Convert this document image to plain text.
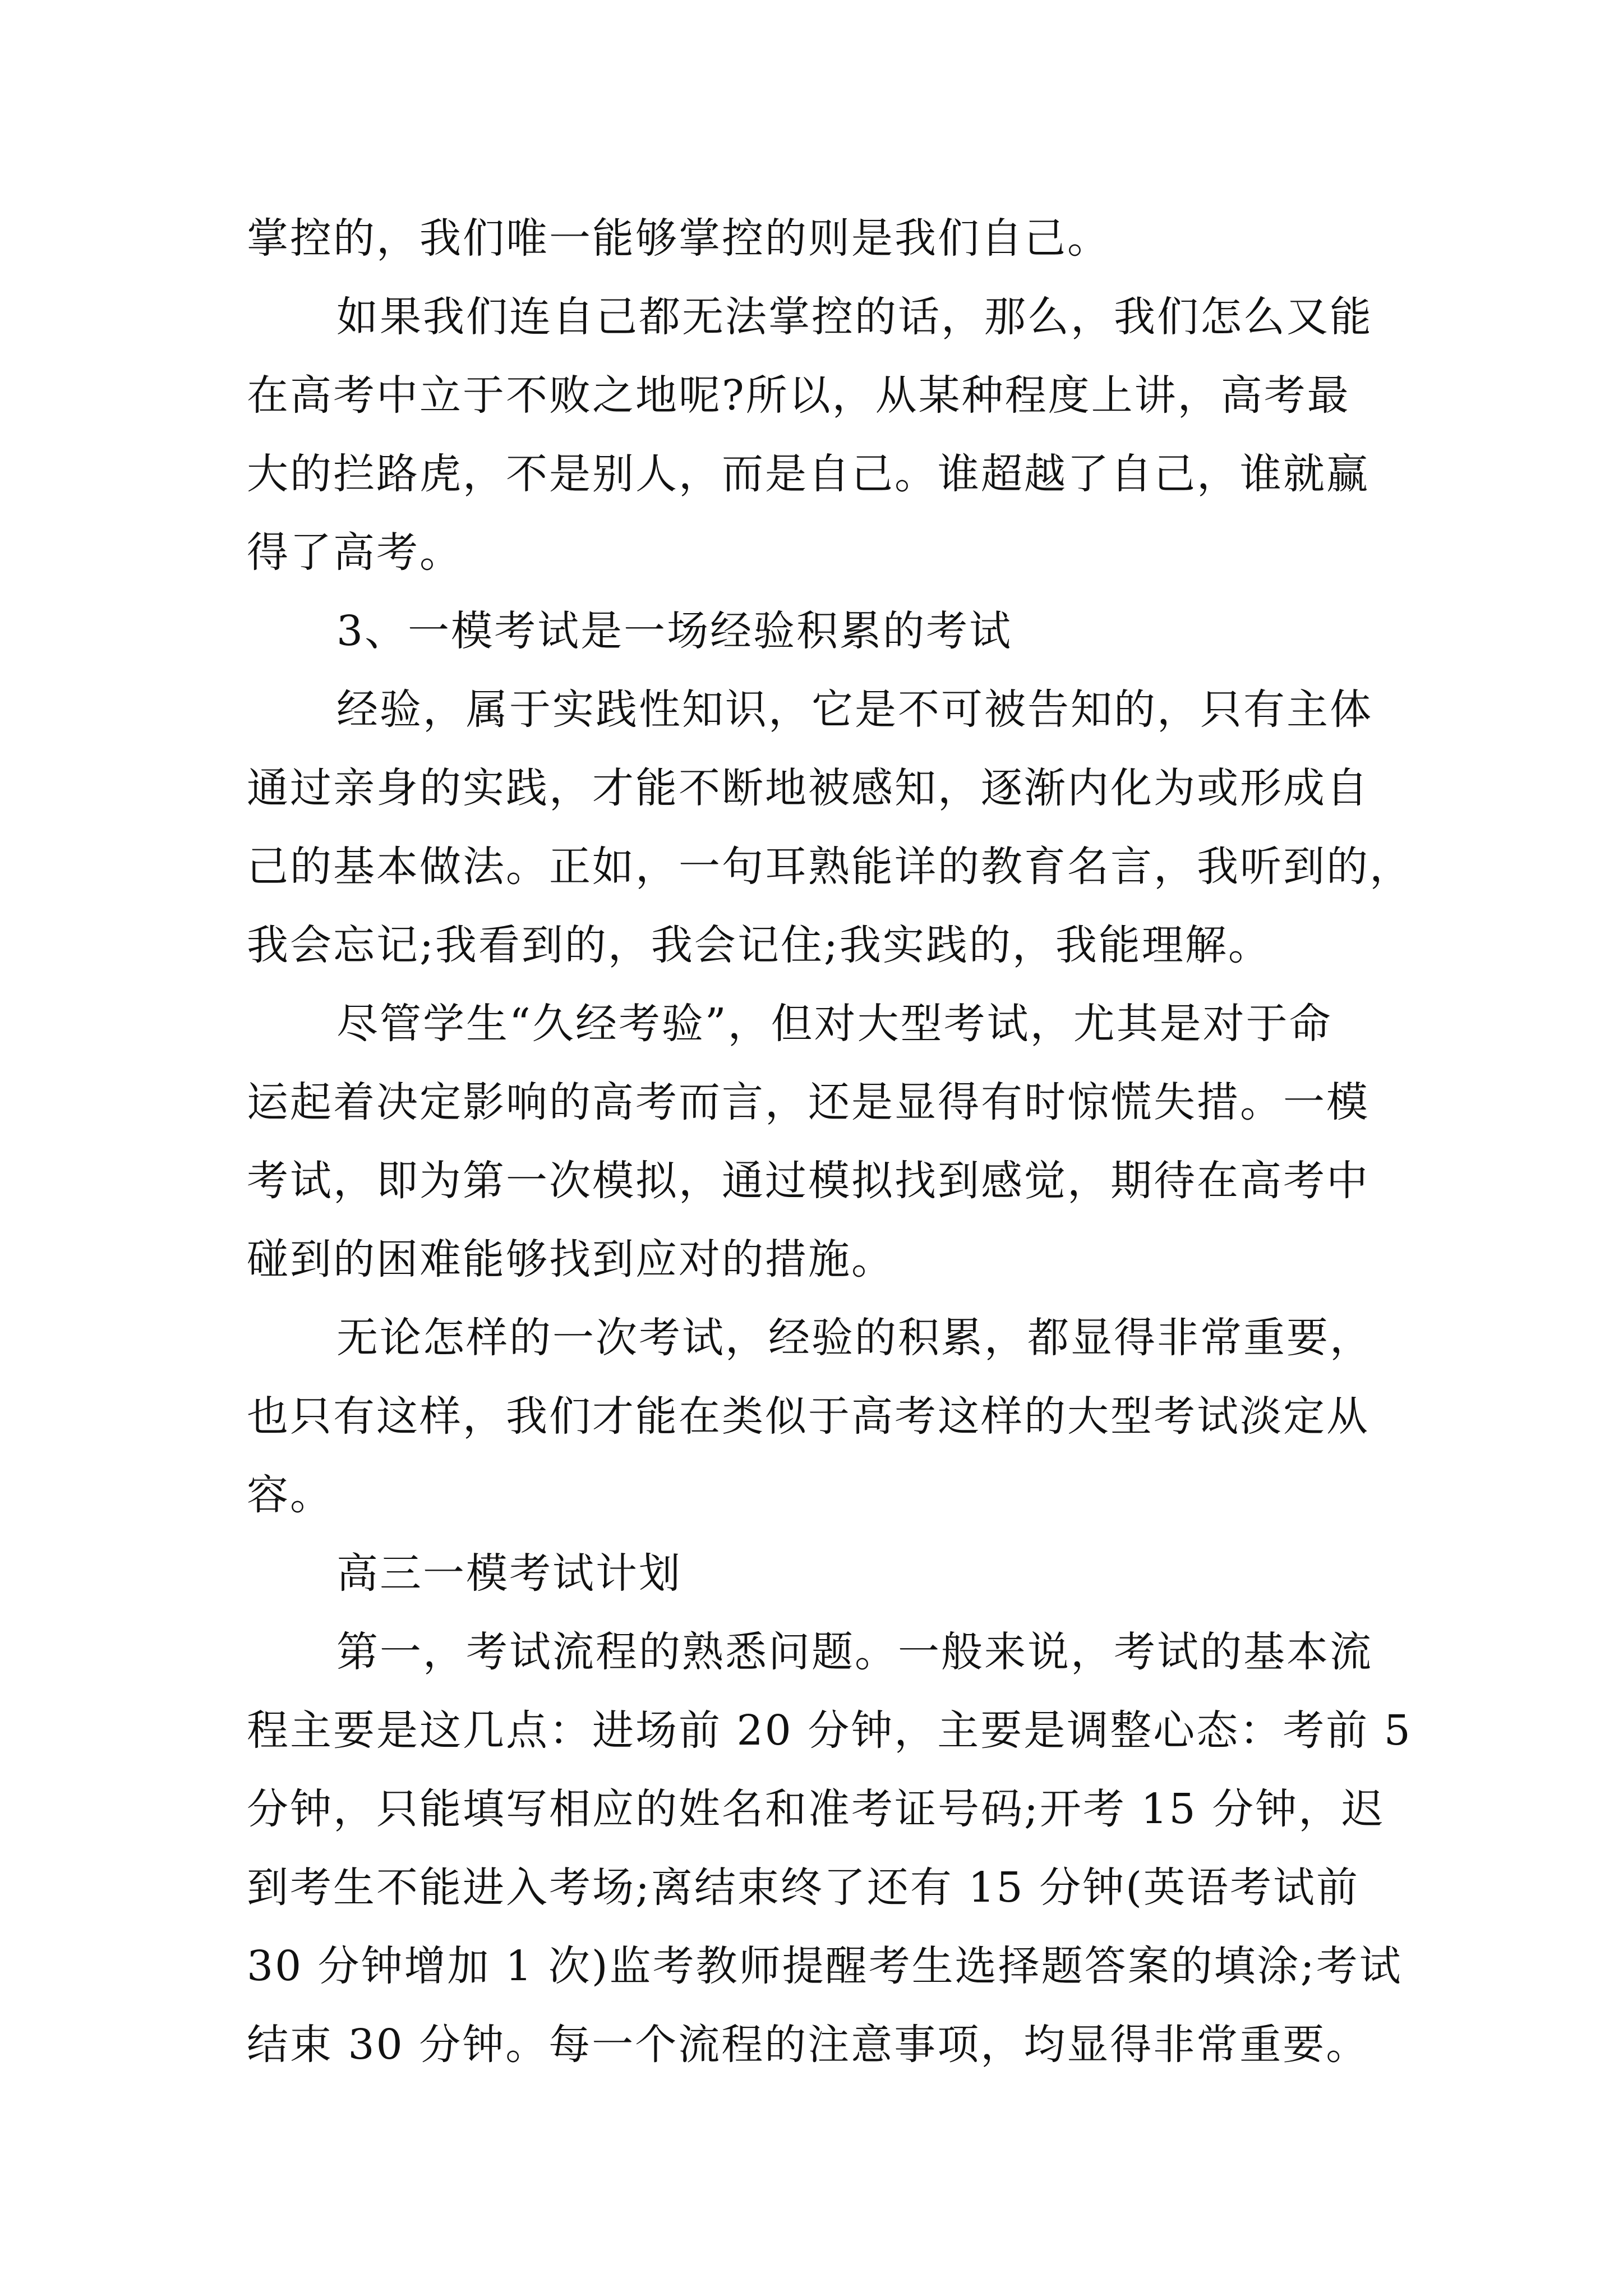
掌控的，我们唯一能够掌控的则是我们自己。
如果我们连自己都无法掌控的话，那么，我们怎么又能
在高考中立于不败之地呢?所以，从某种程度上讲，高考最
大的拦路虎，不是别人，而是自己。谁超越了自己，谁就赢
得了高考。
3、一模考试是一场经验积累的考试
经验，属于实践性知识，它是不可被告知的，只有主体
通过亲身的实践，才能不断地被感知，逐渐内化为或形成自
己的基本做法。正如，一句耳熟能详的教育名言，我听到的，
我会忘记;我看到的，我会记住;我实践的，我能理解。
尽管学生“久经考验”，但对大型考试，尤其是对于命
运起着决定影响的高考而言，还是显得有时惊慌失措。一模
考试，即为第一次模拟，通过模拟找到感觉，期待在高考中
碰到的困难能够找到应对的措施。
无论怎样的一次考试，经验的积累，都显得非常重要，
也只有这样，我们才能在类似于高考这样的大型考试淡定从
容。
高三一模考试计划
第一，考试流程的熟悉问题。一般来说，考试的基本流
程主要是这几点：进场前 20 分钟，主要是调整心态：考前 5
分钟，只能填写相应的姓名和准考证号码;开考 15 分钟，迟
到考生不能进入考场;离结束终了还有 15 分钟(英语考试前
30 分钟增加 1 次)监考教师提醒考生选择题答案的填涂;考试
结束 30 分钟。每一个流程的注意事项，均显得非常重要。
